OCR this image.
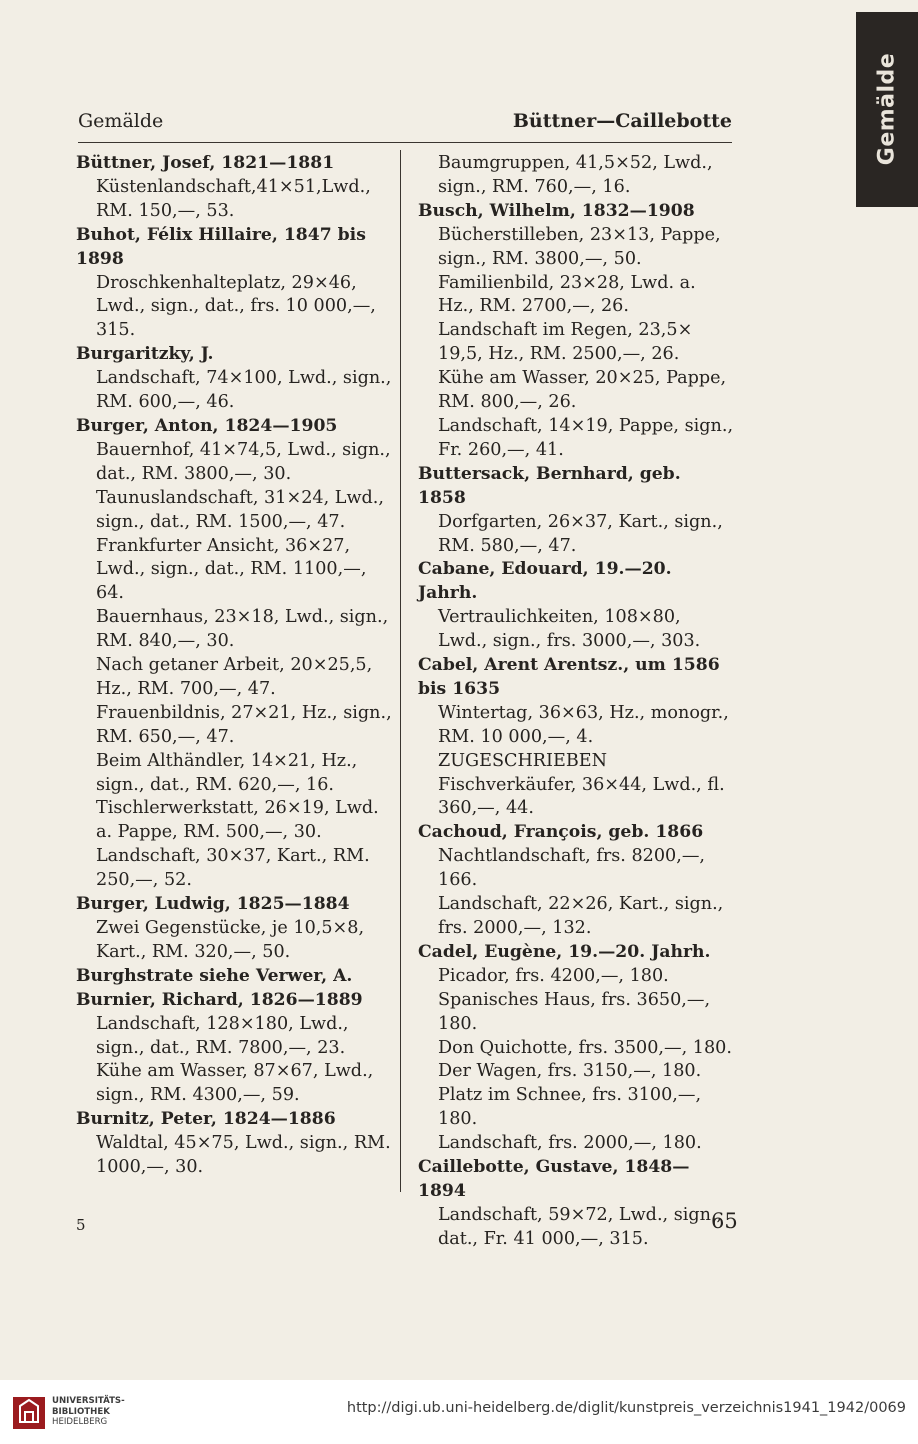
Gemälde	Büttner—Caillebotte	Gemälde

Büttner, Josef, 1821—1881

Küstenlandschaft,41×51,Lwd., RM. 150,—, 53.

Buhot, Félix Hillaire, 1847 bis 1898

Droschkenhalteplatz, 29×46, Lwd., sign., dat., frs. 10 000,—, 315.

Burgaritzky, J.

Landschaft, 74×100, Lwd., sign., RM. 600,—, 46.

Burger, Anton, 1824—1905

Bauernhof, 41×74,5, Lwd., sign., dat., RM. 3800,—, 30.

Taunuslandschaft, 31×24, Lwd., sign., dat., RM. 1500,—, 47.

Frankfurter Ansicht, 36×27, Lwd., sign., dat., RM. 1100,—, 64.

Bauernhaus, 23×18, Lwd., sign., RM. 840,—, 30.

Nach getaner Arbeit, 20×25,5, Hz., RM. 700,—, 47.

Frauenbildnis, 27×21, Hz., sign., RM. 650,—, 47.

Beim Althändler, 14×21, Hz., sign., dat., RM. 620,—, 16.

Tischlerwerkstatt, 26×19, Lwd. a. Pappe, RM. 500,—, 30.

Landschaft, 30×37, Kart., RM. 250,—, 52.

Burger, Ludwig, 1825—1884

Zwei Gegenstücke, je 10,5×8, Kart., RM. 320,—, 50.

Burghstrate siehe Verwer, A.

Burnier, Richard, 1826—1889

Landschaft, 128×180, Lwd., sign., dat., RM. 7800,—, 23.

Kühe am Wasser, 87×67, Lwd., sign., RM. 4300,—, 59.

Burnitz, Peter, 1824—1886

Waldtal, 45×75, Lwd., sign., RM. 1000,—, 30.

Baumgruppen, 41,5×52, Lwd., sign., RM. 760,—, 16.

Busch, Wilhelm, 1832—1908

Bücherstilleben, 23×13, Pappe, sign., RM. 3800,—, 50.

Familienbild, 23×28, Lwd. a. Hz., RM. 2700,—, 26.

Landschaft im Regen, 23,5× 19,5, Hz., RM. 2500,—, 26.

Kühe am Wasser, 20×25, Pappe, RM. 800,—, 26.

Landschaft, 14×19, Pappe, sign., Fr. 260,—, 41.

Buttersack, Bernhard, geb. 1858

Dorfgarten, 26×37, Kart., sign., RM. 580,—, 47.

Cabane, Edouard, 19.—20. Jahrh.

Vertraulichkeiten, 108×80, Lwd., sign., frs. 3000,—, 303.

Cabel, Arent Arentsz., um 1586 bis 1635

Wintertag, 36×63, Hz., monogr., RM. 10 000,—, 4.

ZUGESCHRIEBEN

Fischverkäufer, 36×44, Lwd., fl. 360,—, 44.

Cachoud, François, geb. 1866

Nachtlandschaft, frs. 8200,—, 166.

Landschaft, 22×26, Kart., sign., frs. 2000,—, 132.

Cadel, Eugène, 19.—20. Jahrh.

Picador, frs. 4200,—, 180.

Spanisches Haus, frs. 3650,—, 180.

Don Quichotte, frs. 3500,—, 180.

Der Wagen, frs. 3150,—, 180.

Platz im Schnee, frs. 3100,—, 180.

Landschaft, frs. 2000,—, 180.

Caillebotte, Gustave, 1848—1894

Landschaft, 59×72, Lwd., sign., dat., Fr. 41 000,—, 315.

5	65
UNIVERSITÄTS-
BIBLIOTHEK
HEIDELBERG
http://digi.ub.uni-heidelberg.de/diglit/kunstpreis_verzeichnis1941_1942/0069
